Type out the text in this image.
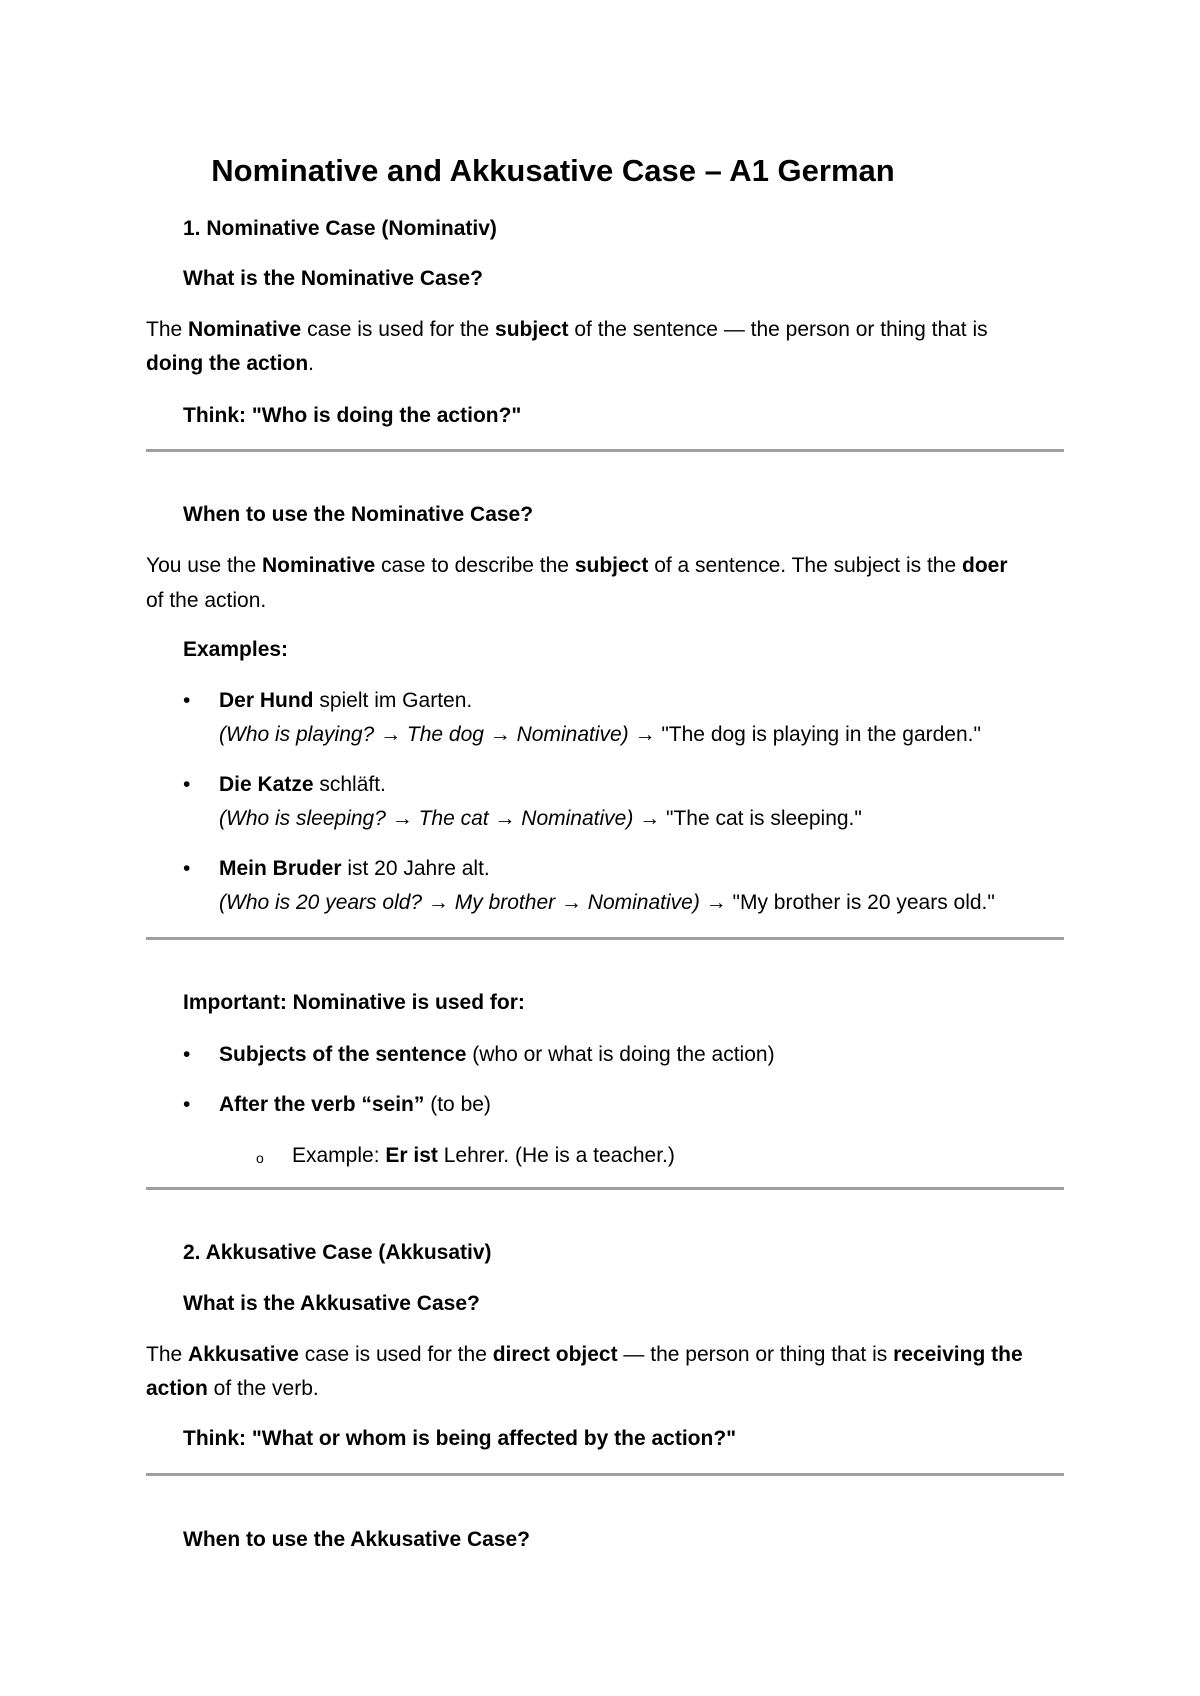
Nominative and Akkusative Case – A1 German

1. Nominative Case (Nominativ)

What is the Nominative Case?

The Nominative case is used for the subject of the sentence — the person or thing that is

doing the action.

Think: "Who is doing the action?"

When to use the Nominative Case?

You use the Nominative case to describe the subject of a sentence. The subject is the doer

of the action.

Examples:

•	Der Hund spielt im Garten.

(Who is playing? → The dog → Nominative) → "The dog is playing in the garden."

•	Die Katze schläft.

(Who is sleeping? → The cat → Nominative) → "The cat is sleeping."

•	Mein Bruder ist 20 Jahre alt.

(Who is 20 years old? → My brother → Nominative) → "My brother is 20 years old."

Important: Nominative is used for:

•	Subjects of the sentence (who or what is doing the action)

•	After the verb “sein” (to be)

o	Example: Er ist Lehrer. (He is a teacher.)

2. Akkusative Case (Akkusativ)

What is the Akkusative Case?

The Akkusative case is used for the direct object — the person or thing that is receiving the

action of the verb.

Think: "What or whom is being affected by the action?"

When to use the Akkusative Case?
